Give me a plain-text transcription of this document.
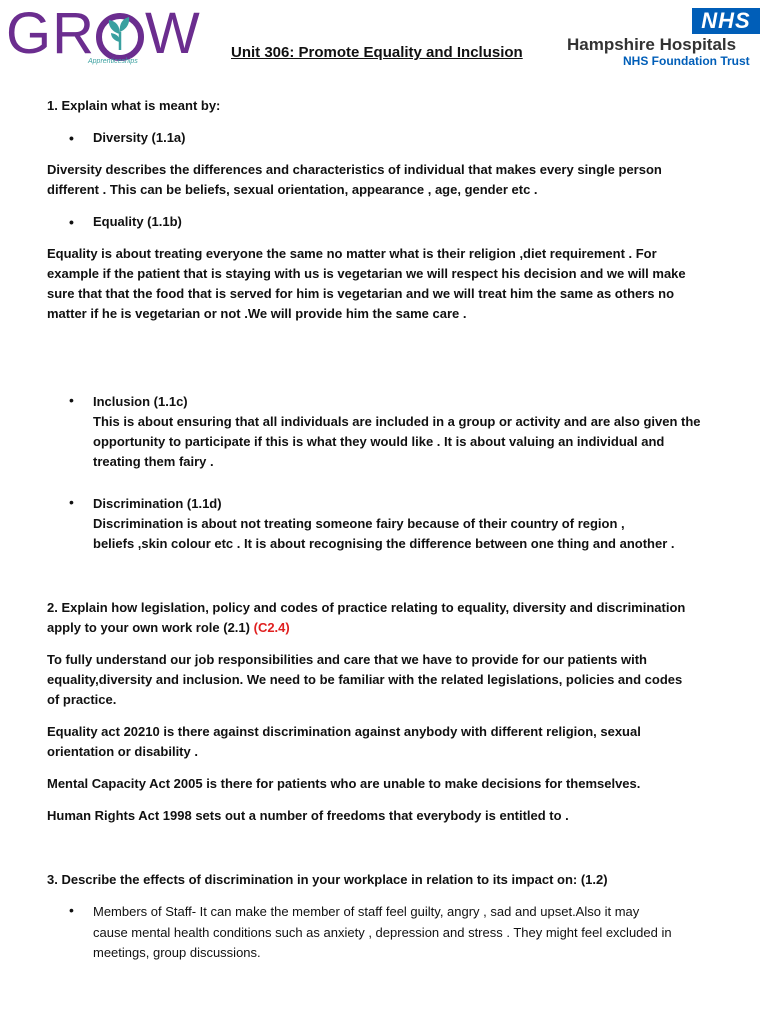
GR W
Apprenticeships
Unit 306: Promote Equality and Inclusion
NHS
Hampshire Hospitals
NHS Foundation Trust

1. Explain what is meant by:

• Diversity (1.1a)

Diversity describes the differences and characteristics of individual that makes every single person

different . This can be beliefs, sexual orientation, appearance , age, gender etc .

• Equality (1.1b)

Equality is about treating everyone the same no matter what is their religion ,diet requirement . For

example if the patient that is staying with us is vegetarian we will respect his decision and we will make

sure that that the food that is served for him is vegetarian and we will treat him the same as others no

matter if he is vegetarian or not .We will provide him the same care .

• Inclusion (1.1c)

This is about ensuring that all individuals are included in a group or activity and are also given the

opportunity to participate if this is what they would like . It is about valuing an individual and

treating them fairy .

• Discrimination (1.1d)

Discrimination is about not treating someone fairy because of their country of region ,

beliefs ,skin colour etc . It is about recognising the difference between one thing and another .

2. Explain how legislation, policy and codes of practice relating to equality, diversity and discrimination

apply to your own work role (2.1) (C2.4)

To fully understand our job responsibilities and care that we have to provide for our patients with

equality,diversity and inclusion. We need to be familiar with the related legislations, policies and codes

of practice.

Equality act 20210 is there against discrimination against anybody with different religion, sexual

orientation or disability .

Mental Capacity Act 2005 is there for patients who are unable to make decisions for themselves.

Human Rights Act 1998 sets out a number of freedoms that everybody is entitled to .

3. Describe the effects of discrimination in your workplace in relation to its impact on: (1.2)

• Members of Staff- It can make the member of staff feel guilty, angry , sad and upset.Also it may

cause mental health conditions such as anxiety , depression and stress . They might feel excluded in

meetings, group discussions.
